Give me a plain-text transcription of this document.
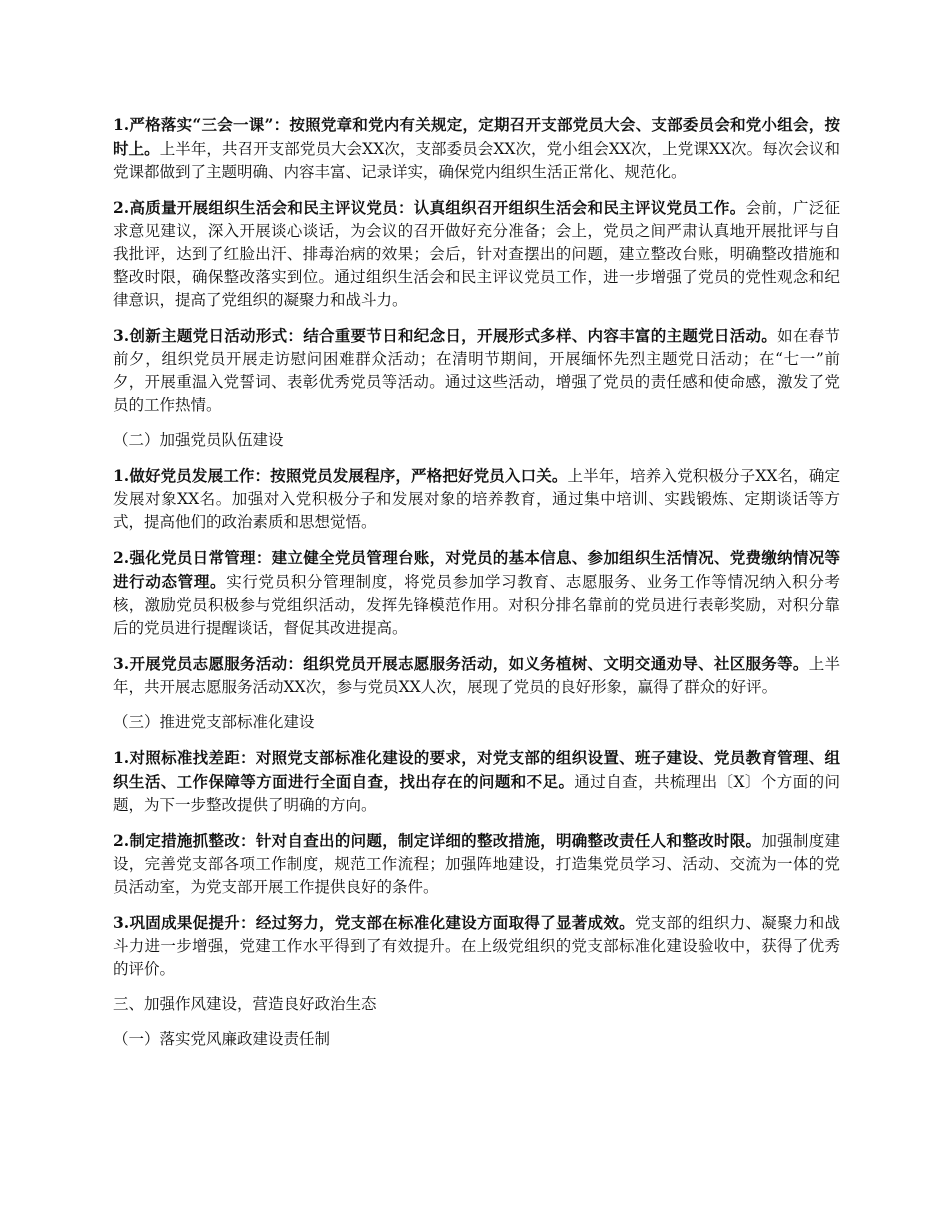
1.严格落实“三会一课”：按照党章和党内有关规定，定期召开支部党员大会、支部委员会和党小组会，按时上。上半年，共召开支部党员大会XX次，支部委员会XX次，党小组会XX次，上党课XX次。每次会议和党课都做到了主题明确、内容丰富、记录详实，确保党内组织生活正常化、规范化。

2.高质量开展组织生活会和民主评议党员：认真组织召开组织生活会和民主评议党员工作。会前，广泛征求意见建议，深入开展谈心谈话，为会议的召开做好充分准备；会上，党员之间严肃认真地开展批评与自我批评，达到了红脸出汗、排毒治病的效果；会后，针对查摆出的问题，建立整改台账，明确整改措施和整改时限，确保整改落实到位。通过组织生活会和民主评议党员工作，进一步增强了党员的党性观念和纪律意识，提高了党组织的凝聚力和战斗力。

3.创新主题党日活动形式：结合重要节日和纪念日，开展形式多样、内容丰富的主题党日活动。如在春节前夕，组织党员开展走访慰问困难群众活动；在清明节期间，开展缅怀先烈主题党日活动；在“七一”前夕，开展重温入党誓词、表彰优秀党员等活动。通过这些活动，增强了党员的责任感和使命感，激发了党员的工作热情。

（二）加强党员队伍建设

1.做好党员发展工作：按照党员发展程序，严格把好党员入口关。上半年，培养入党积极分子XX名，确定发展对象XX名。加强对入党积极分子和发展对象的培养教育，通过集中培训、实践锻炼、定期谈话等方式，提高他们的政治素质和思想觉悟。

2.强化党员日常管理：建立健全党员管理台账，对党员的基本信息、参加组织生活情况、党费缴纳情况等进行动态管理。实行党员积分管理制度，将党员参加学习教育、志愿服务、业务工作等情况纳入积分考核，激励党员积极参与党组织活动，发挥先锋模范作用。对积分排名靠前的党员进行表彰奖励，对积分靠后的党员进行提醒谈话，督促其改进提高。

3.开展党员志愿服务活动：组织党员开展志愿服务活动，如义务植树、文明交通劝导、社区服务等。上半年，共开展志愿服务活动XX次，参与党员XX人次，展现了党员的良好形象，赢得了群众的好评。

（三）推进党支部标准化建设

1.对照标准找差距：对照党支部标准化建设的要求，对党支部的组织设置、班子建设、党员教育管理、组织生活、工作保障等方面进行全面自查，找出存在的问题和不足。通过自查，共梳理出〔X〕个方面的问题，为下一步整改提供了明确的方向。

2.制定措施抓整改：针对自查出的问题，制定详细的整改措施，明确整改责任人和整改时限。加强制度建设，完善党支部各项工作制度，规范工作流程；加强阵地建设，打造集党员学习、活动、交流为一体的党员活动室，为党支部开展工作提供良好的条件。

3.巩固成果促提升：经过努力，党支部在标准化建设方面取得了显著成效。党支部的组织力、凝聚力和战斗力进一步增强，党建工作水平得到了有效提升。在上级党组织的党支部标准化建设验收中，获得了优秀的评价。

三、加强作风建设，营造良好政治生态

（一）落实党风廉政建设责任制
